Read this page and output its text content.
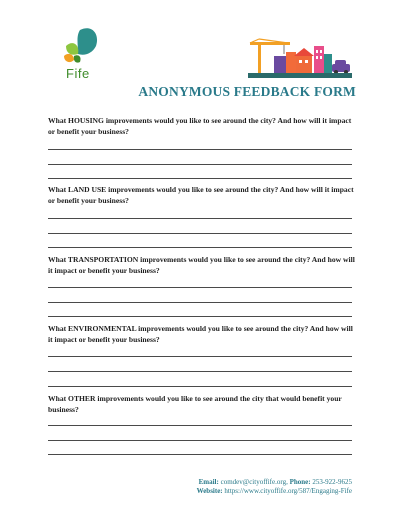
Fife
ANONYMOUS FEEDBACK FORM
What HOUSING improvements would you like to see around the city? And how will it impact or benefit your business?
What LAND USE improvements would you like to see around the city? And how will it impact or benefit your business?
What TRANSPORTATION improvements would you like to see around the city? And how will it impact or benefit your business?
What ENVIRONMENTAL improvements would you like to see around the city? And how will it impact or benefit your business?
What OTHER improvements would you like to see around the city that would benefit your business?
Email: comdev@cityoffife.org, Phone: 253-922-9625
Website: https://www.cityoffife.org/587/Engaging-Fife
